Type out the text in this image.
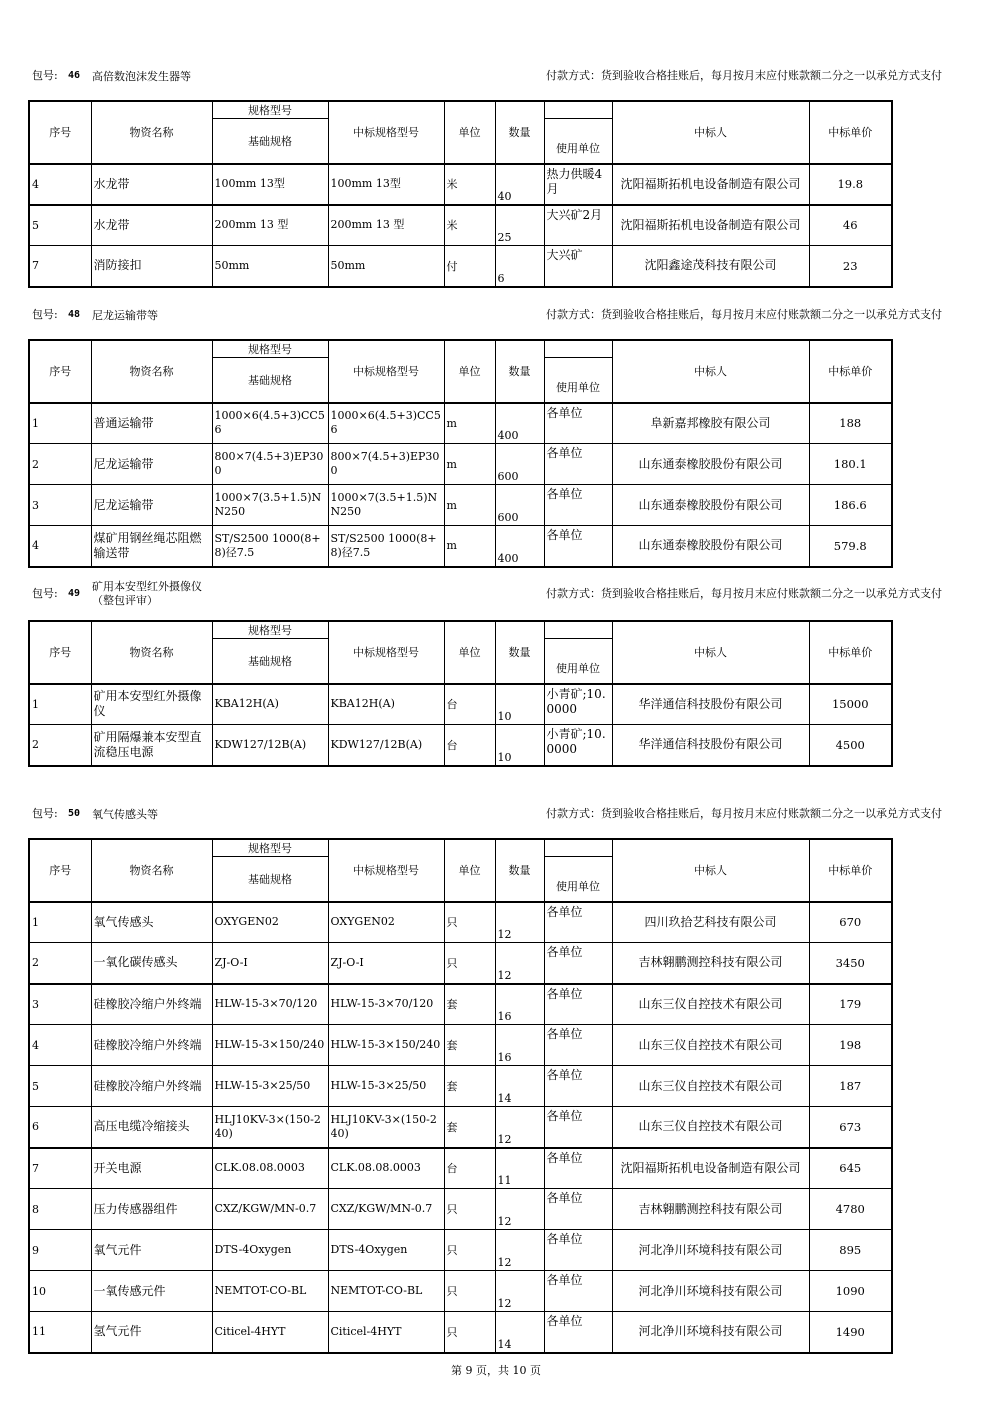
包号: 46 高倍数泡沫发生器等	付款方式：货到验收合格挂账后，每月按月末应付账款额二分之一以承兑方式支付
序号	物资名称	规格型号	中标规格型号	单位	数量		中标人	中标单价
		基础规格				使用单位		
4	水龙带	100mm 13型	100mm 13型	米	40	热力供暖4月	沈阳福斯拓机电设备制造有限公司	19.8
5	水龙带	200mm 13 型	200mm 13 型	米	25	大兴矿2月	沈阳福斯拓机电设备制造有限公司	46
7	消防接扣	50mm	50mm	付	6	大兴矿	沈阳鑫途茂科技有限公司	23
包号: 48 尼龙运输带等	付款方式：货到验收合格挂账后，每月按月末应付账款额二分之一以承兑方式支付
序号	物资名称	规格型号	中标规格型号	单位	数量		中标人	中标单价
		基础规格				使用单位		
1	普通运输带	1000×6(4.5+3)CC56	1000×6(4.5+3)CC56	m	400	各单位	阜新嘉邦橡胶有限公司	188
2	尼龙运输带	800×7(4.5+3)EP300	800×7(4.5+3)EP300	m	600	各单位	山东通泰橡胶股份有限公司	180.1
3	尼龙运输带	1000×7(3.5+1.5)NN250	1000×7(3.5+1.5)NN250	m	600	各单位	山东通泰橡胶股份有限公司	186.6
4	煤矿用钢丝绳芯阻燃输送带	ST/S2500 1000(8+8)径7.5	ST/S2500 1000(8+8)径7.5	m	400	各单位	山东通泰橡胶股份有限公司	579.8
包号: 49
矿用本安型红外摄像仪（整包评审）
付款方式：货到验收合格挂账后，每月按月末应付账款额二分之一以承兑方式支付
序号	物资名称	规格型号	中标规格型号	单位	数量		中标人	中标单价
		基础规格				使用单位		
1	矿用本安型红外摄像仪	KBA12H(A)	KBA12H(A)	台	10	小青矿;10.0000	华洋通信科技股份有限公司	15000
2	矿用隔爆兼本安型直流稳压电源	KDW127/12B(A)	KDW127/12B(A)	台	10	小青矿;10.0000	华洋通信科技股份有限公司	4500
包号: 50 氧气传感头等	付款方式：货到验收合格挂账后，每月按月末应付账款额二分之一以承兑方式支付
序号	物资名称	规格型号	中标规格型号	单位	数量		中标人	中标单价
		基础规格				使用单位		
1	氧气传感头	OXYGEN02	OXYGEN02	只	12	各单位	四川玖拾艺科技有限公司	670
2	一氧化碳传感头	ZJ-O-I	ZJ-O-I	只	12	各单位	吉林翱鹏测控科技有限公司	3450
3	硅橡胶冷缩户外终端	HLW-15-3×70/120	HLW-15-3×70/120	套	16	各单位	山东三仪自控技术有限公司	179
4	硅橡胶冷缩户外终端	HLW-15-3×150/240	HLW-15-3×150/240	套	16	各单位	山东三仪自控技术有限公司	198
5	硅橡胶冷缩户外终端	HLW-15-3×25/50	HLW-15-3×25/50	套	14	各单位	山东三仪自控技术有限公司	187
6	高压电缆冷缩接头	HLJ10KV-3×(150-240)	HLJ10KV-3×(150-240)	套	12	各单位	山东三仪自控技术有限公司	673
7	开关电源	CLK.08.08.0003	CLK.08.08.0003	台	11	各单位	沈阳福斯拓机电设备制造有限公司	645
8	压力传感器组件	CXZ/KGW/MN-0.7	CXZ/KGW/MN-0.7	只	12	各单位	吉林翱鹏测控科技有限公司	4780
9	氧气元件	DTS-4Oxygen	DTS-4Oxygen	只	12	各单位	河北净川环境科技有限公司	895
10	一氧传感元件	NEMTOT-CO-BL	NEMTOT-CO-BL	只	12	各单位	河北净川环境科技有限公司	1090
11	氢气元件	Citicel-4HYT	Citicel-4HYT	只	14	各单位	河北净川环境科技有限公司	1490
第 9 页，共 10 页
